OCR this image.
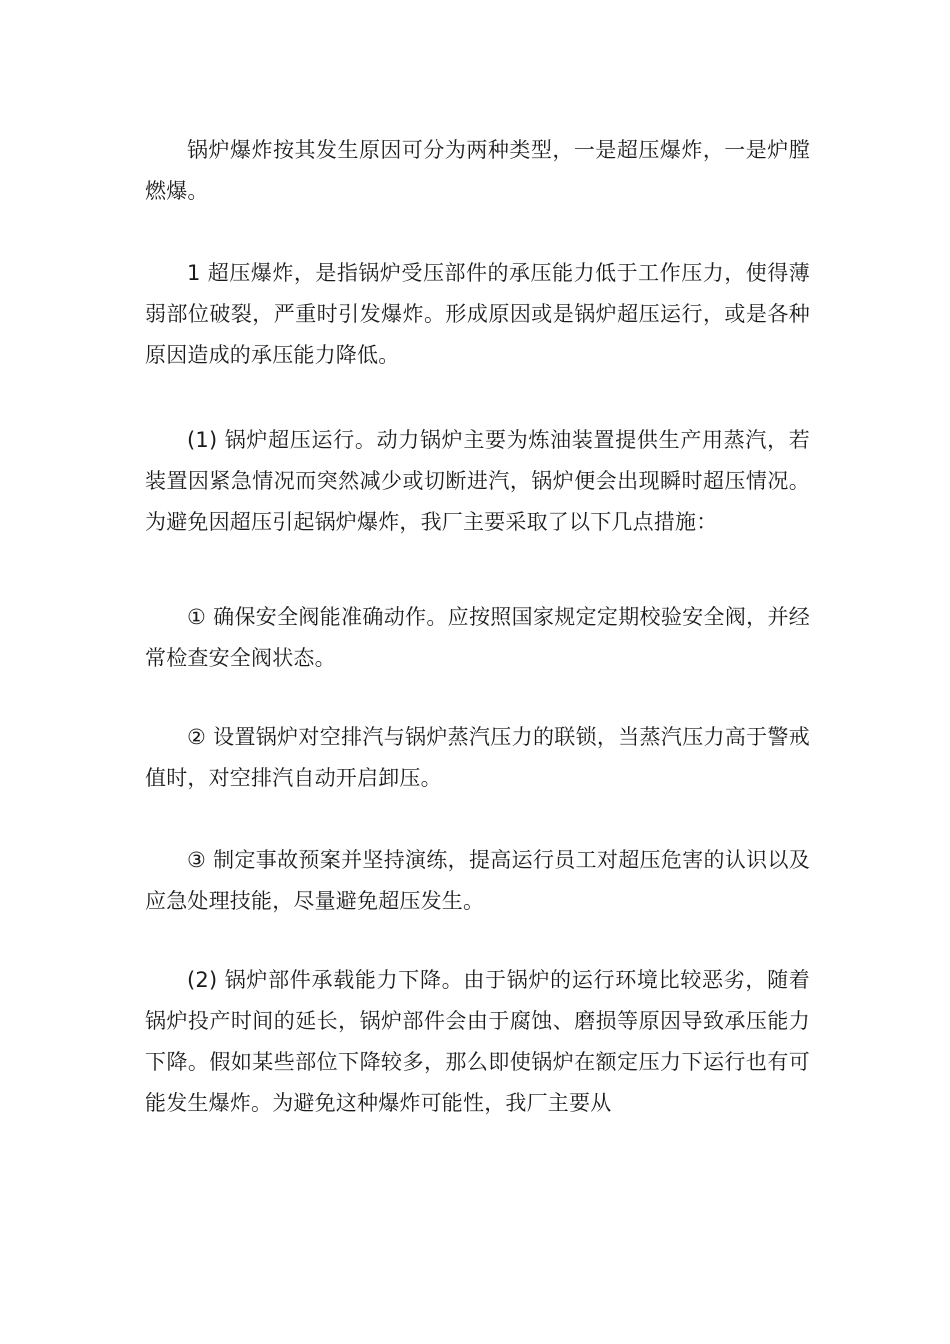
锅炉爆炸按其发生原因可分为两种类型，一是超压爆炸，一是炉膛燃爆。

1 超压爆炸，是指锅炉受压部件的承压能力低于工作压力，使得薄弱部位破裂，严重时引发爆炸。形成原因或是锅炉超压运行，或是各种原因造成的承压能力降低。

(1) 锅炉超压运行。动力锅炉主要为炼油装置提供生产用蒸汽，若装置因紧急情况而突然减少或切断进汽，锅炉便会出现瞬时超压情况。为避免因超压引起锅炉爆炸，我厂主要采取了以下几点措施：

① 确保安全阀能准确动作。应按照国家规定定期校验安全阀，并经常检查安全阀状态。

② 设置锅炉对空排汽与锅炉蒸汽压力的联锁，当蒸汽压力高于警戒值时，对空排汽自动开启卸压。

③ 制定事故预案并坚持演练，提高运行员工对超压危害的认识以及应急处理技能，尽量避免超压发生。

(2) 锅炉部件承载能力下降。由于锅炉的运行环境比较恶劣，随着锅炉投产时间的延长，锅炉部件会由于腐蚀、磨损等原因导致承压能力下降。假如某些部位下降较多，那么即使锅炉在额定压力下运行也有可能发生爆炸。为避免这种爆炸可能性，我厂主要从
